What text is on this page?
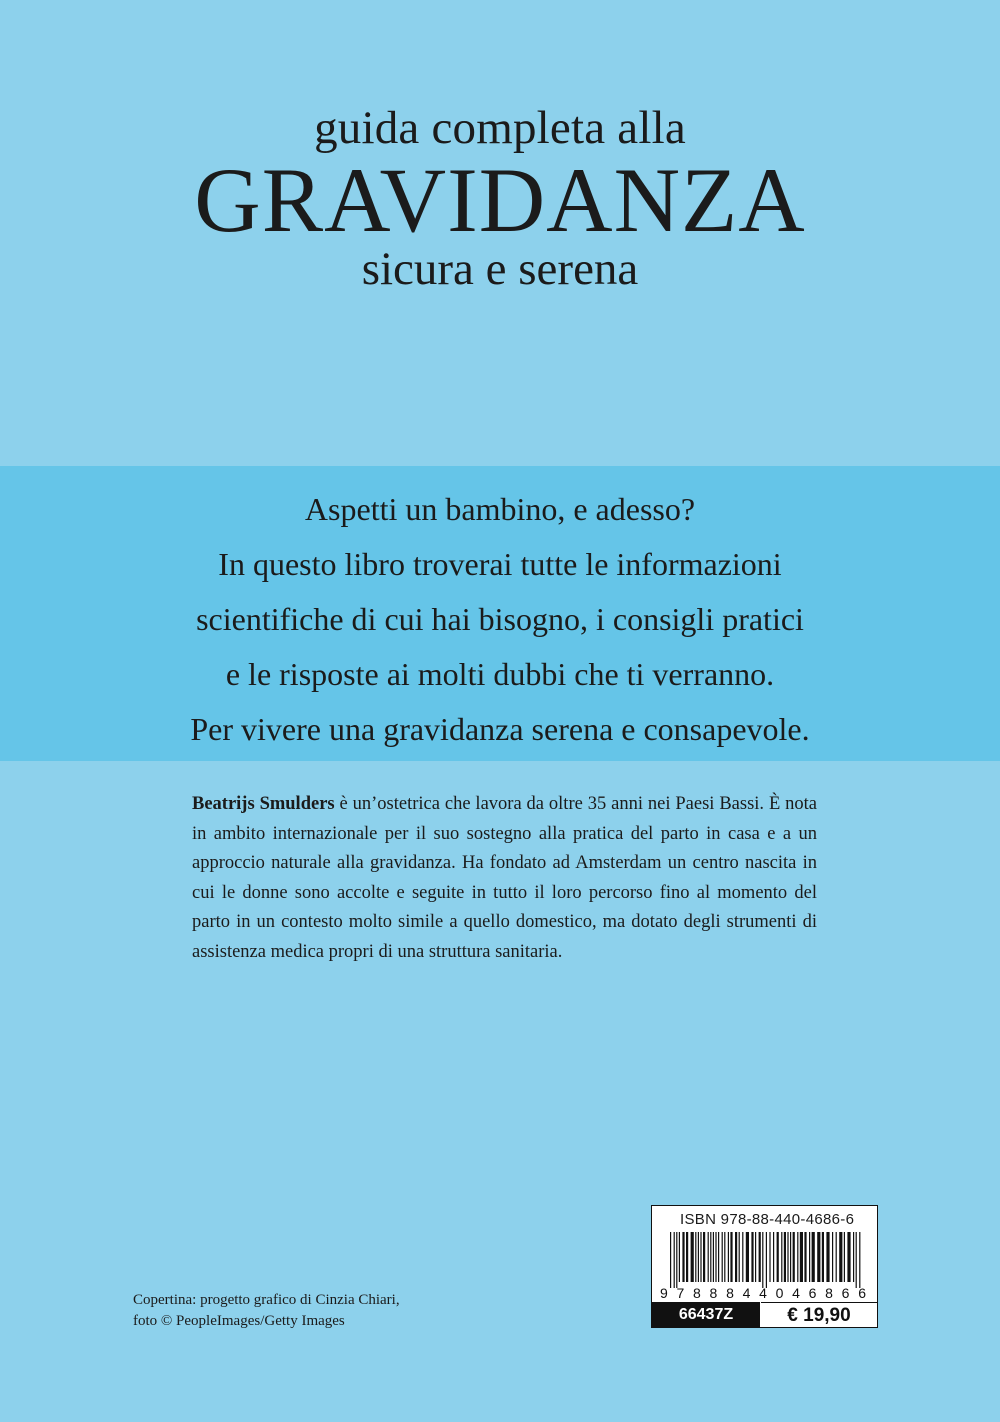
guida completa alla
GRAVIDANZA
sicura e serena
Aspetti un bambino, e adesso?
In questo libro troverai tutte le informazioni
scientifiche di cui hai bisogno, i consigli pratici
e le risposte ai molti dubbi che ti verranno.
Per vivere una gravidanza serena e consapevole.
Beatrijs Smulders è un’ostetrica che lavora da oltre 35 anni nei Paesi Bassi. È nota in ambito internazionale per il suo sostegno alla pratica del parto in casa e a un approccio naturale alla gravidanza. Ha fondato ad Amsterdam un centro nascita in cui le donne sono accolte e seguite in tutto il loro percorso fino al momento del parto in un contesto molto simile a quello domestico, ma dotato degli strumenti di assistenza medica propri di una struttura sanitaria.
Copertina: progetto grafico di Cinzia Chiari,
foto © PeopleImages/Getty Images
ISBN 978-88-440-4686-6
9788844046866
66437Z	€ 19,90
